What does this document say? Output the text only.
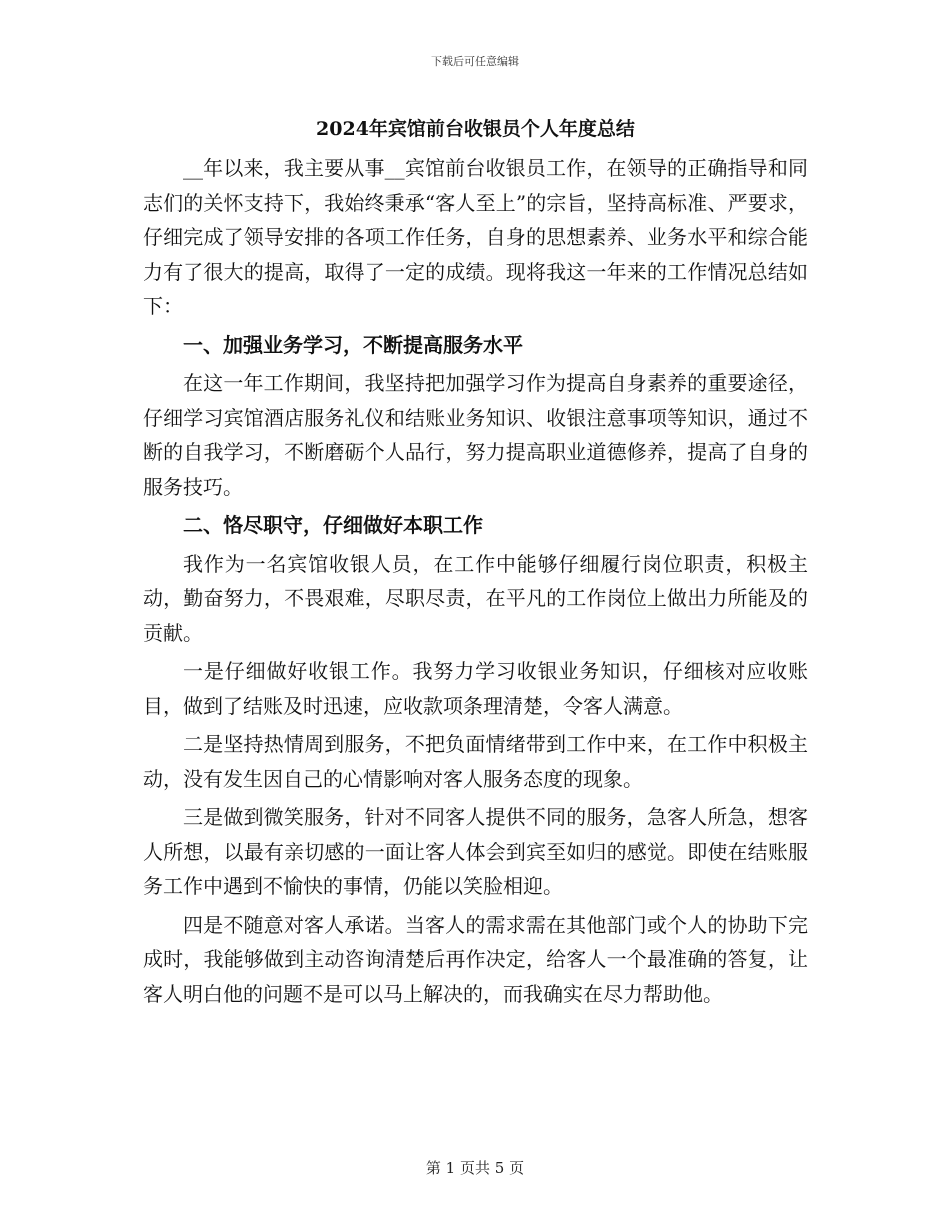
下载后可任意编辑
2024年宾馆前台收银员个人年度总结

__年以来，我主要从事__宾馆前台收银员工作，在领导的正确指导和同志们的关怀支持下，我始终秉承“客人至上”的宗旨，坚持高标准、严要求，仔细完成了领导安排的各项工作任务，自身的思想素养、业务水平和综合能力有了很大的提高，取得了一定的成绩。现将我这一年来的工作情况总结如下：

一、加强业务学习，不断提高服务水平

在这一年工作期间，我坚持把加强学习作为提高自身素养的重要途径，仔细学习宾馆酒店服务礼仪和结账业务知识、收银注意事项等知识，通过不断的自我学习，不断磨砺个人品行，努力提高职业道德修养，提高了自身的服务技巧。

二、恪尽职守，仔细做好本职工作

我作为一名宾馆收银人员，在工作中能够仔细履行岗位职责，积极主动，勤奋努力，不畏艰难，尽职尽责，在平凡的工作岗位上做出力所能及的贡献。

一是仔细做好收银工作。我努力学习收银业务知识，仔细核对应收账目，做到了结账及时迅速，应收款项条理清楚，令客人满意。

二是坚持热情周到服务，不把负面情绪带到工作中来，在工作中积极主动，没有发生因自己的心情影响对客人服务态度的现象。

三是做到微笑服务，针对不同客人提供不同的服务，急客人所急，想客人所想，以最有亲切感的一面让客人体会到宾至如归的感觉。即使在结账服务工作中遇到不愉快的事情，仍能以笑脸相迎。

四是不随意对客人承诺。当客人的需求需在其他部门或个人的协助下完成时，我能够做到主动咨询清楚后再作决定，给客人一个最准确的答复，让客人明白他的问题不是可以马上解决的，而我确实在尽力帮助他。

第 1 页共 5 页
